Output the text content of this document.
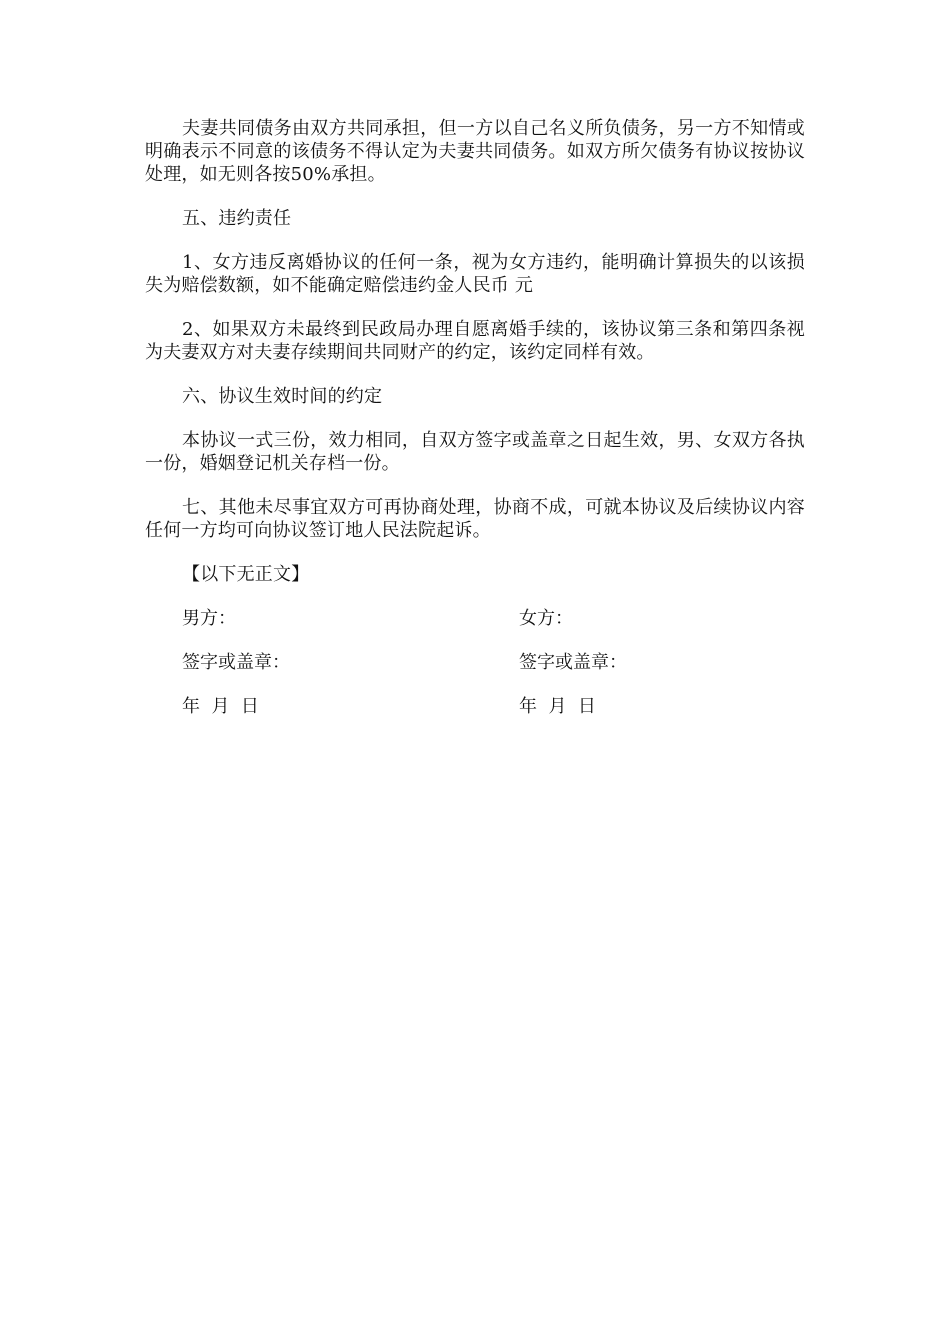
夫妻共同债务由双方共同承担，但一方以自己名义所负债务，另一方不知情或明确表示不同意的该债务不得认定为夫妻共同债务。如双方所欠债务有协议按协议处理，如无则各按50%承担。

五、违约责任

1、女方违反离婚协议的任何一条，视为女方违约，能明确计算损失的以该损失为赔偿数额，如不能确定赔偿违约金人民币 元

2、如果双方未最终到民政局办理自愿离婚手续的，该协议第三条和第四条视为夫妻双方对夫妻存续期间共同财产的约定，该约定同样有效。

六、协议生效时间的约定

本协议一式三份，效力相同，自双方签字或盖章之日起生效，男、女双方各执一份，婚姻登记机关存档一份。

七、其他未尽事宜双方可再协商处理，协商不成，可就本协议及后续协议内容任何一方均可向协议签订地人民法院起诉。

【以下无正文】

男方：	女方：
签字或盖章：	签字或盖章：
年  月  日	年  月  日
